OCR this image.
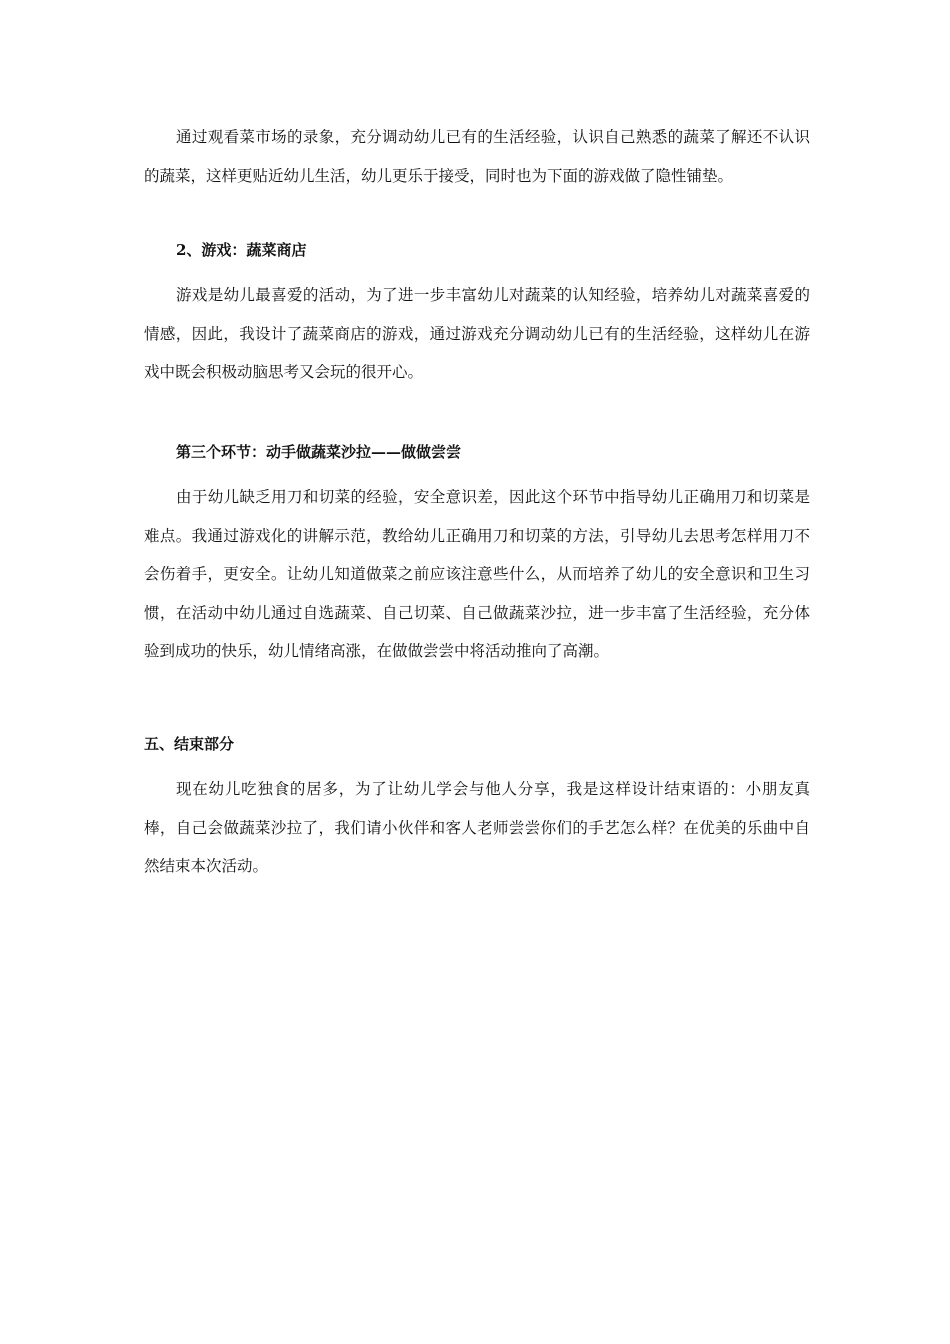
通过观看菜市场的录象，充分调动幼儿已有的生活经验，认识自己熟悉的蔬菜了解还不认识的蔬菜，这样更贴近幼儿生活，幼儿更乐于接受，同时也为下面的游戏做了隐性铺垫。

2、游戏：蔬菜商店

游戏是幼儿最喜爱的活动，为了进一步丰富幼儿对蔬菜的认知经验，培养幼儿对蔬菜喜爱的情感，因此，我设计了蔬菜商店的游戏，通过游戏充分调动幼儿已有的生活经验，这样幼儿在游戏中既会积极动脑思考又会玩的很开心。

第三个环节：动手做蔬菜沙拉——做做尝尝

由于幼儿缺乏用刀和切菜的经验，安全意识差，因此这个环节中指导幼儿正确用刀和切菜是难点。我通过游戏化的讲解示范，教给幼儿正确用刀和切菜的方法，引导幼儿去思考怎样用刀不会伤着手，更安全。让幼儿知道做菜之前应该注意些什么，从而培养了幼儿的安全意识和卫生习惯，在活动中幼儿通过自选蔬菜、自己切菜、自己做蔬菜沙拉，进一步丰富了生活经验，充分体验到成功的快乐，幼儿情绪高涨，在做做尝尝中将活动推向了高潮。

五、结束部分

现在幼儿吃独食的居多，为了让幼儿学会与他人分享，我是这样设计结束语的：小朋友真棒，自己会做蔬菜沙拉了，我们请小伙伴和客人老师尝尝你们的手艺怎么样？在优美的乐曲中自然结束本次活动。
